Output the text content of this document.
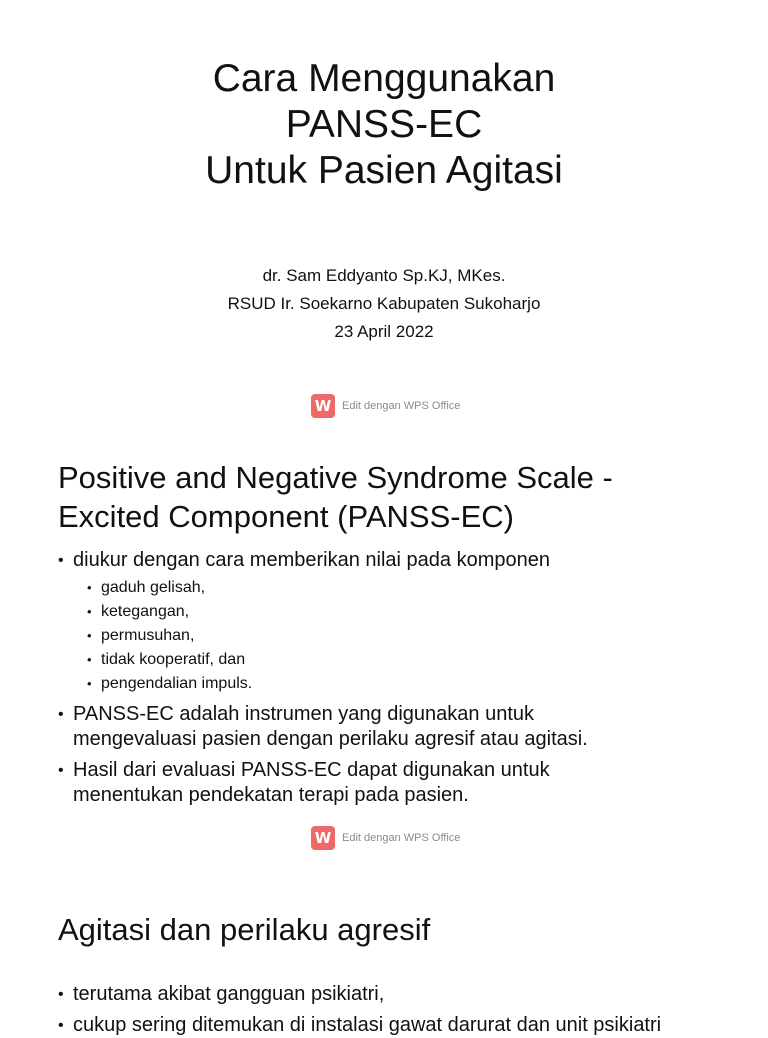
Cara Menggunakan
PANSS-EC
Untuk Pasien Agitasi
dr. Sam Eddyanto Sp.KJ, MKes.
RSUD Ir. Soekarno Kabupaten Sukoharjo
23 April 2022
W Edit dengan WPS Office
Positive and Negative Syndrome Scale -
Excited Component (PANSS-EC)
• diukur dengan cara memberikan nilai pada komponen
• gaduh gelisah,
• ketegangan,
• permusuhan,
• tidak kooperatif, dan
• pengendalian impuls.
• PANSS-EC adalah instrumen yang digunakan untuk
mengevaluasi pasien dengan perilaku agresif atau agitasi.
• Hasil dari evaluasi PANSS-EC dapat digunakan untuk
menentukan pendekatan terapi pada pasien.
W Edit dengan WPS Office
Agitasi dan perilaku agresif
• terutama akibat gangguan psikiatri,
• cukup sering ditemukan di instalasi gawat darurat dan unit psikiatri
